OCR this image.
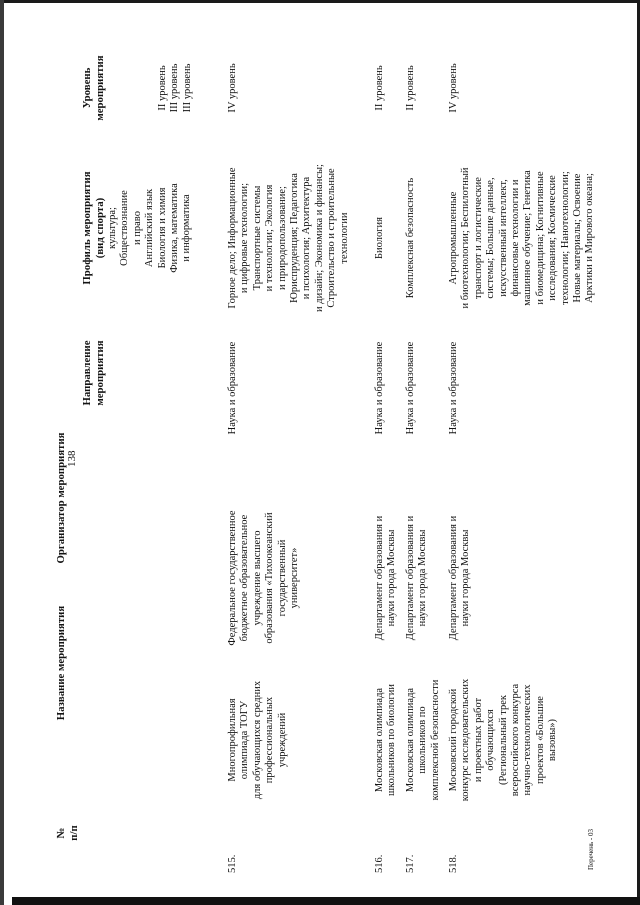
138
№
п/п
Название мероприятия
Организатор мероприятия
Направление
мероприятия
Профиль мероприятия
(вид спорта)
Уровень
мероприятия
культура; Обществознание
и право
Английский язык
Биология и химия
Физика, математика
и информатика
II уровень
III уровень
III уровень
515.
Многопрофильная
олимпиада ТОГУ
для обучающихся средних
профессиональных
учреждений
Федеральное государственное
бюджетное образовательное
учреждение высшего
образования «Тихоокеанский
государственный
университет»
Наука и образование
Горное дело; Информационные
и цифровые технологии;
Транспортные системы
и технологии; Экология
и природопользование;
Юриспруденция; Педагогика
и психология; Архитектура
и дизайн; Экономика и финансы;
Строительство и строительные
технологии
IV уровень
516.
Московская олимпиада
школьников по биологии
Департамент образования и
науки города Москвы
Наука и образование
Биология
II уровень
517.
Московская олимпиада
школьников по
комплексной безопасности
Департамент образования и
науки города Москвы
Наука и образование
Комплексная безопасность
II уровень
518.
Московский городской
конкурс исследовательских
и проектных работ
обучающихся
(Региональный трек
всероссийского конкурса
научно-технологических
проектов «Большие
вызовы»)
Департамент образования и
науки города Москвы
Наука и образование
Агропромышленные
и биотехнологии; Беспилотный
транспорт и логистические
системы; Большие данные,
искусственный интеллект,
финансовые технологии и
машинное обучение; Генетика
и биомедицина; Когнитивные
исследования; Космические
технологии; Нанотехнологии;
Новые материалы; Освоение
Арктики и Мирового океана;
IV уровень
Перечень - 03
